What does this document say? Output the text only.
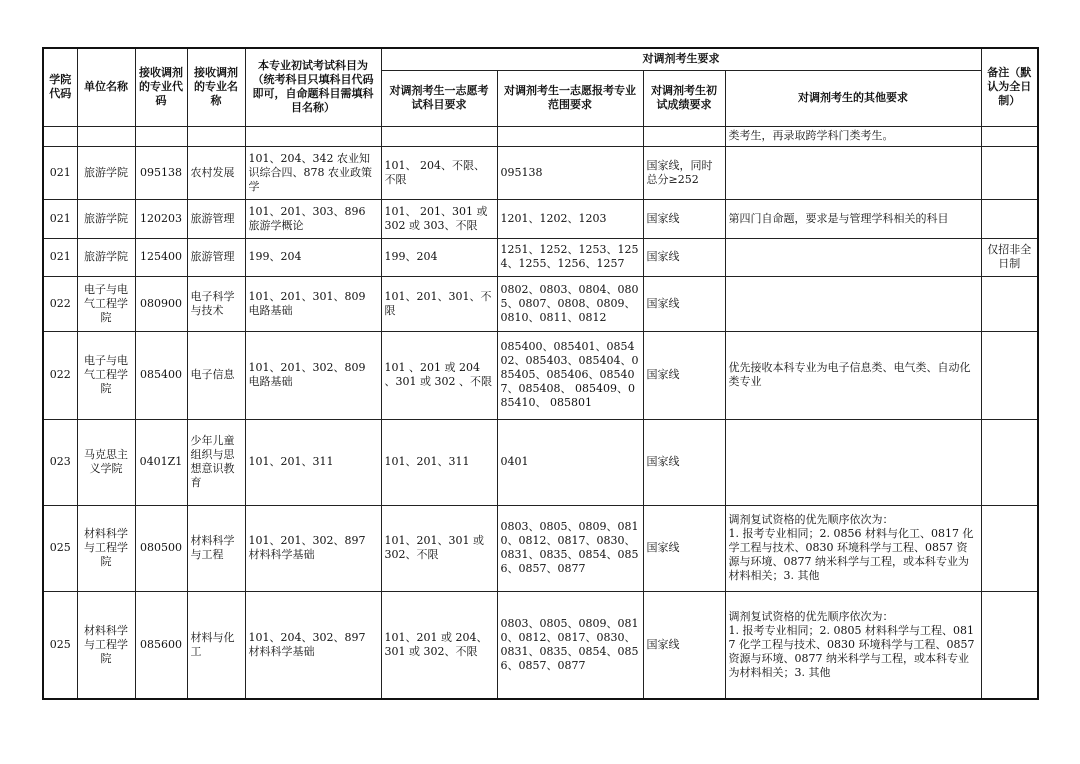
学院代码	单位名称	接收调剂的专业代码	接收调剂的专业名称	本专业初试考试科目为（统考科目只填科目代码即可，自命题科目需填科目名称）	对调剂考生要求				备注（默认为全日制）
					对调剂考生一志愿考试科目要求	对调剂考生一志愿报考专业范围要求	对调剂考生初试成绩要求	对调剂考生的其他要求	
								类考生，再录取跨学科门类考生。	
021	旅游学院	095138	农村发展	101、204、342 农业知识综合四、878 农业政策学	101、 204、不限、不限	095138	国家线，同时总分≥252		
021	旅游学院	120203	旅游管理	101、201、303、896 旅游学概论	101、 201、301 或 302 或 303、不限	1201、1202、1203	国家线	第四门自命题，要求是与管理学科相关的科目	
021	旅游学院	125400	旅游管理	199、204	199、204	1251、1252、1253、1254、1255、1256、1257	国家线		仅招非全日制
022	电子与电气工程学院	080900	电子科学与技术	101、201、301、809 电路基础	101、201、301、不限	0802、0803、0804、0805、0807、0808、0809、0810、0811、0812	国家线		
022	电子与电气工程学院	085400	电子信息	101、201、302、809 电路基础	101 、201 或 204 、301 或 302 、不限	085400、085401、085402、085403、085404、085405、085406、085407、085408、 085409、085410、 085801	国家线	优先接收本科专业为电子信息类、电气类、自动化类专业	
023	马克思主义学院	0401Z1	少年儿童组织与思想意识教育	101、201、311	101、201、311	0401	国家线		
025	材料科学与工程学院	080500	材料科学与工程	101、201、302、897 材料科学基础	101、201、301 或 302、不限	0803、0805、0809、0810、0812、0817、0830、0831、0835、0854、0856、0857、0877	国家线	调剂复试资格的优先顺序依次为：
1. 报考专业相同；2. 0856 材料与化工、0817 化学工程与技术、0830 环境科学与工程、0857 资源与环境、0877 纳米科学与工程，或本科专业为材料相关；3. 其他	
025	材料科学与工程学院	085600	材料与化工	101、204、302、897 材料科学基础	101、201 或 204、301 或 302、不限	0803、0805、0809、0810、0812、0817、0830、0831、0835、0854、0856、0857、0877	国家线	调剂复试资格的优先顺序依次为：
1. 报考专业相同；2. 0805 材料科学与工程、0817 化学工程与技术、0830 环境科学与工程、0857 资源与环境、0877 纳米科学与工程，或本科专业为材料相关；3. 其他	
